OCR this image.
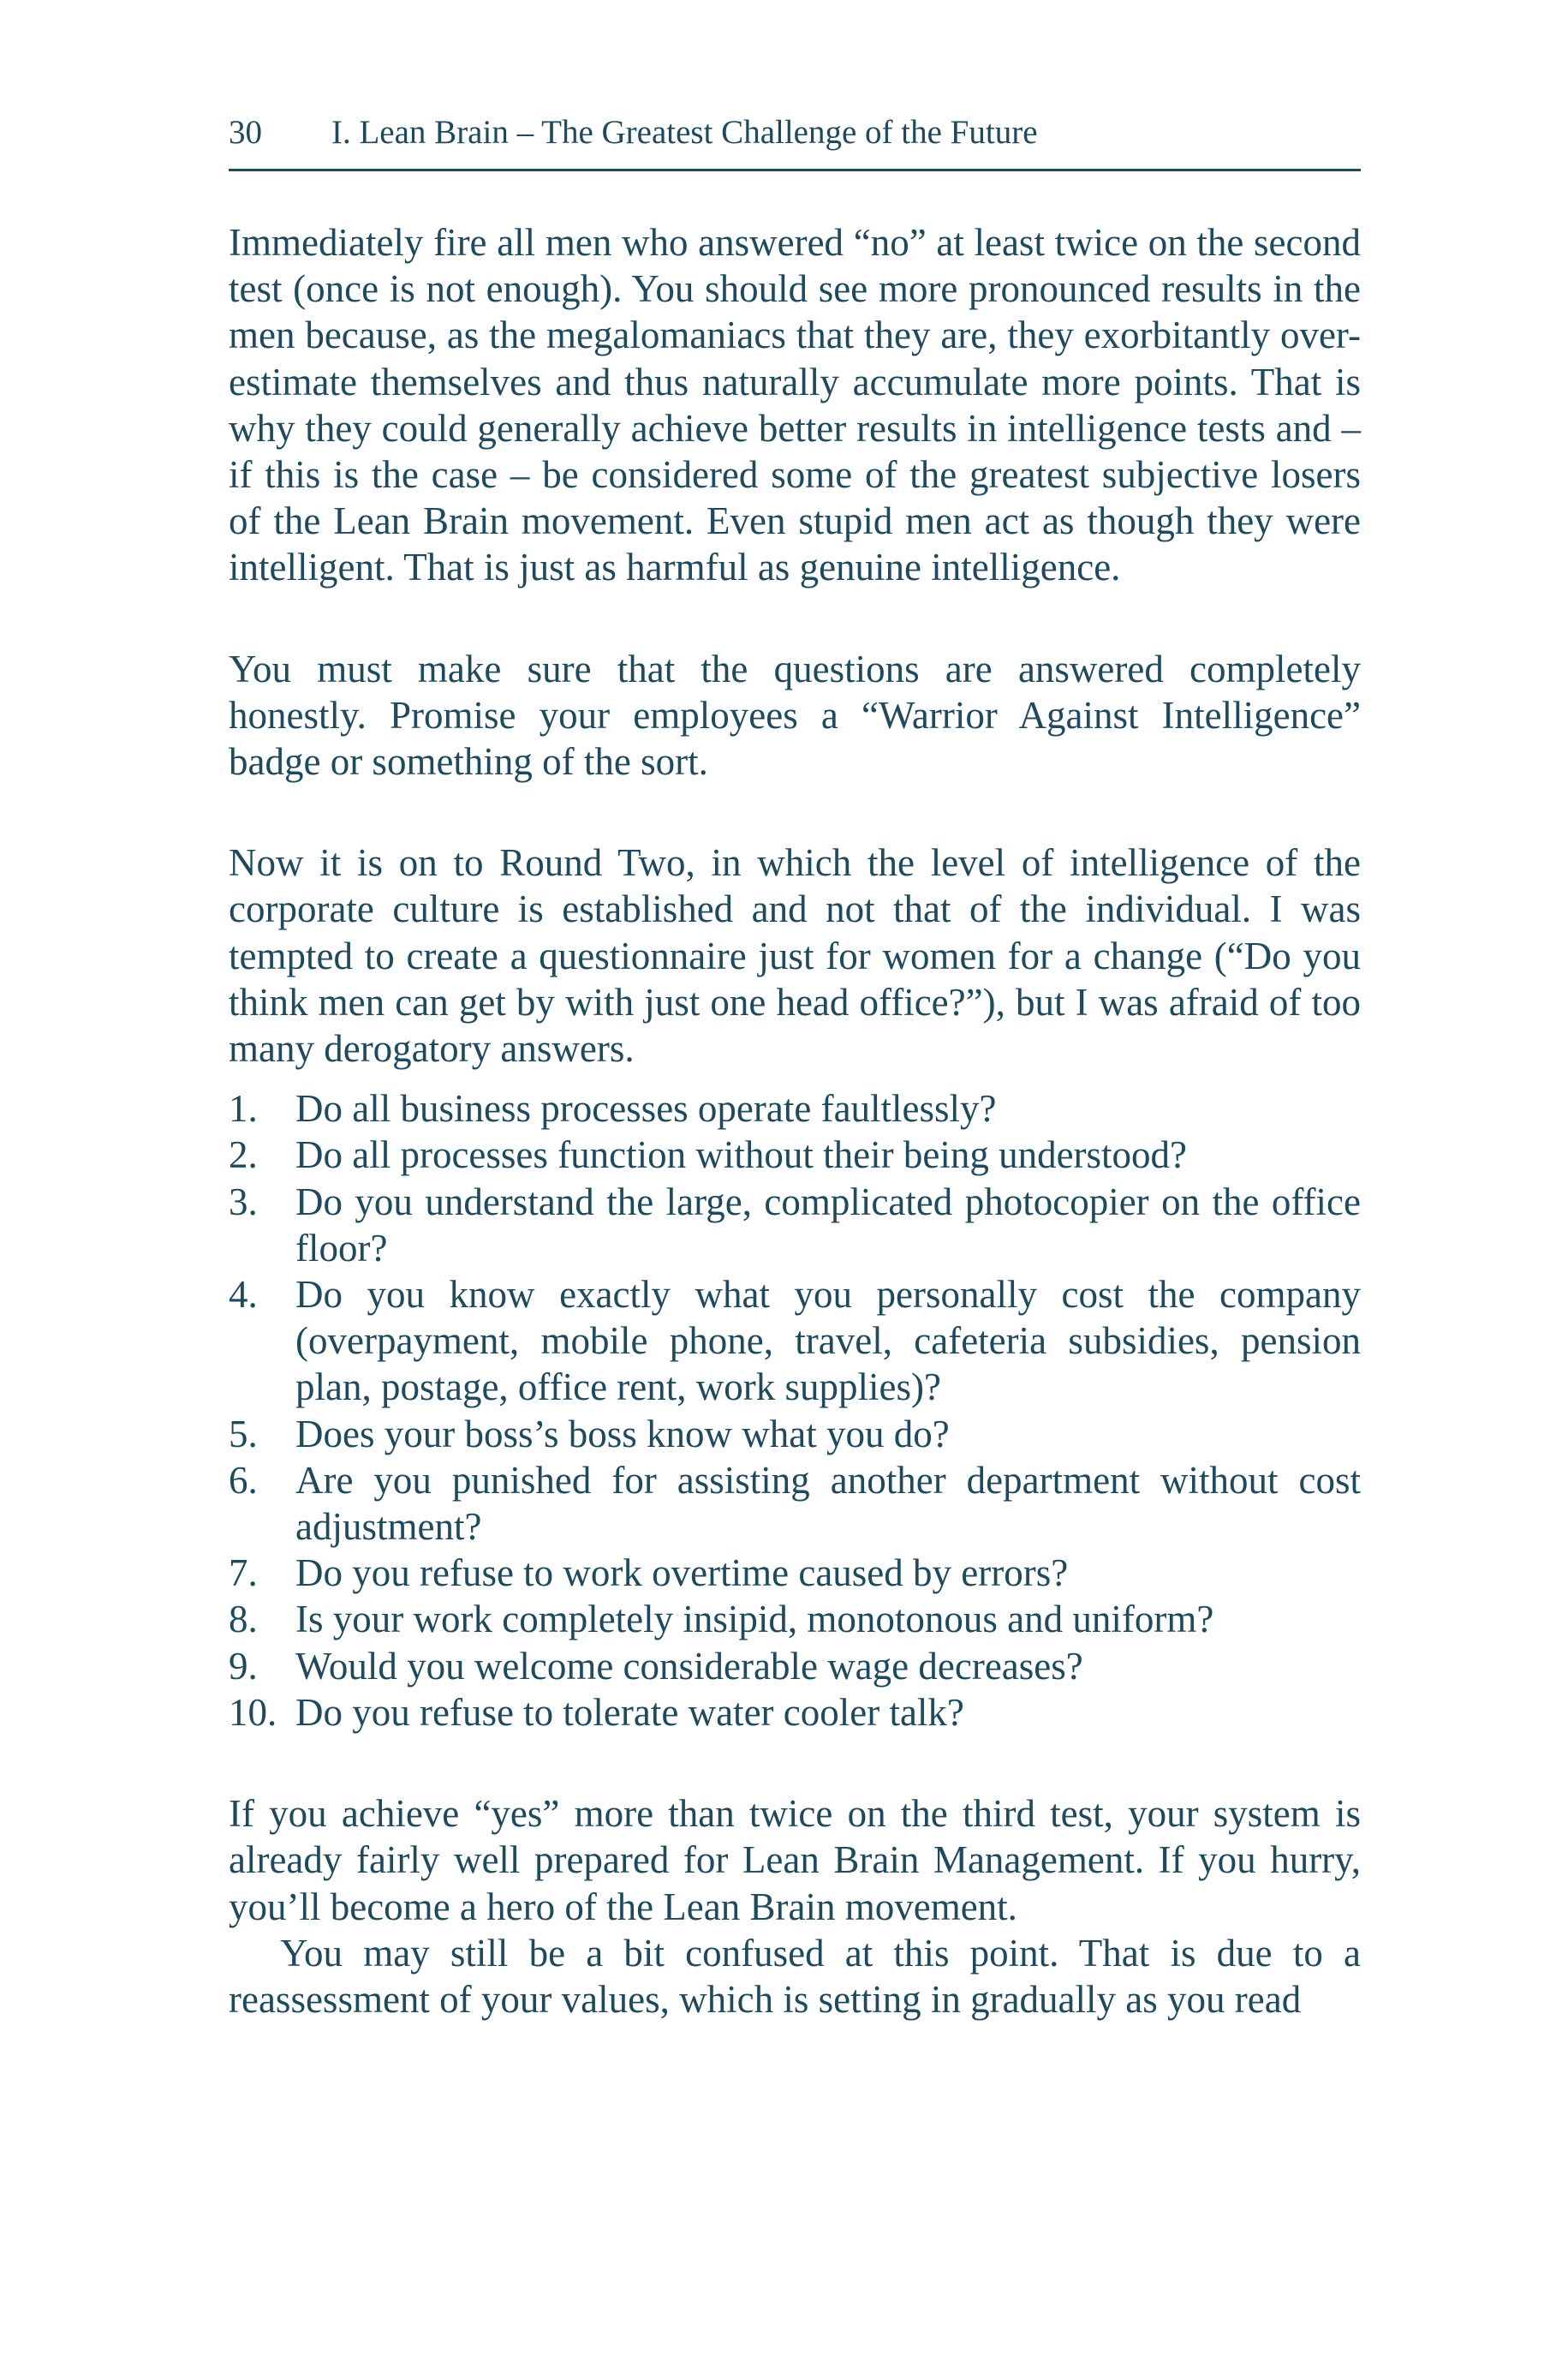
30 I. Lean Brain – The Greatest Challenge of the Future

Immediately fire all men who answered “no” at least twice on the second test (once is not enough). You should see more pronounced results in the men because, as the megalomaniacs that they are, they exorbitantly over-estimate themselves and thus naturally accumulate more points. That is why they could generally achieve better results in intelligence tests and – if this is the case – be considered some of the greatest subjective losers of the Lean Brain movement. Even stupid men act as though they were intelligent. That is just as harmful as genuine intelligence.

You must make sure that the questions are answered completely honestly. Promise your employees a “Warrior Against Intelligence” badge or something of the sort.

Now it is on to Round Two, in which the level of intelligence of the corporate culture is established and not that of the individual. I was tempted to create a questionnaire just for women for a change (“Do you think men can get by with just one head office?”), but I was afraid of too many derogatory answers.

1. Do all business processes operate faultlessly?
2. Do all processes function without their being understood?
3. Do you understand the large, complicated photocopier on the office floor?
4. Do you know exactly what you personally cost the company (overpayment, mobile phone, travel, cafeteria subsidies, pension plan, postage, office rent, work supplies)?
5. Does your boss’s boss know what you do?
6. Are you punished for assisting another department without cost adjustment?
7. Do you refuse to work overtime caused by errors?
8. Is your work completely insipid, monotonous and uniform?
9. Would you welcome considerable wage decreases?
10. Do you refuse to tolerate water cooler talk?

If you achieve “yes” more than twice on the third test, your system is already fairly well prepared for Lean Brain Management. If you hurry, you’ll become a hero of the Lean Brain movement.

You may still be a bit confused at this point. That is due to a reassessment of your values, which is setting in gradually as you read
